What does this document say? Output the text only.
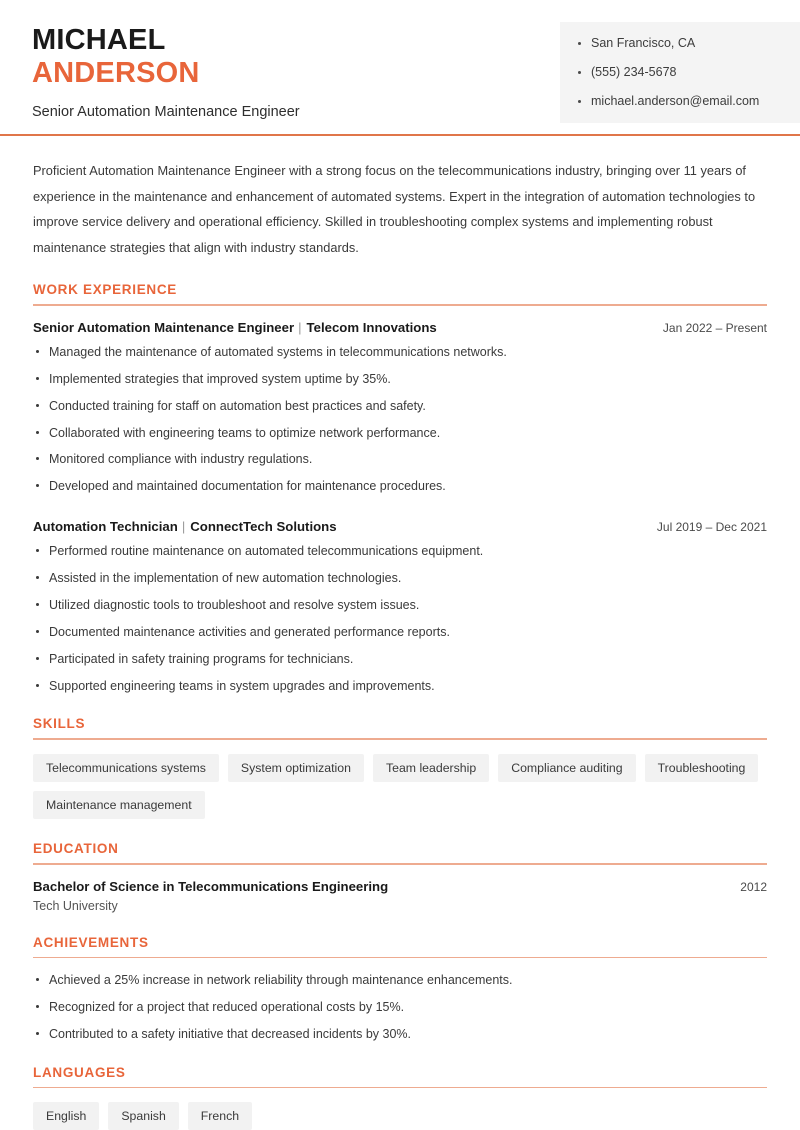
MICHAEL
ANDERSON
Senior Automation Maintenance Engineer
San Francisco, CA
(555) 234-5678
michael.anderson@email.com

Proficient Automation Maintenance Engineer with a strong focus on the telecommunications industry, bringing over 11 years of experience in the maintenance and enhancement of automated systems. Expert in the integration of automation technologies to improve service delivery and operational efficiency. Skilled in troubleshooting complex systems and implementing robust maintenance strategies that align with industry standards.

WORK EXPERIENCE
Senior Automation Maintenance Engineer | Telecom Innovations	Jan 2022 – Present
Managed the maintenance of automated systems in telecommunications networks.
Implemented strategies that improved system uptime by 35%.
Conducted training for staff on automation best practices and safety.
Collaborated with engineering teams to optimize network performance.
Monitored compliance with industry regulations.
Developed and maintained documentation for maintenance procedures.
Automation Technician | ConnectTech Solutions	Jul 2019 – Dec 2021
Performed routine maintenance on automated telecommunications equipment.
Assisted in the implementation of new automation technologies.
Utilized diagnostic tools to troubleshoot and resolve system issues.
Documented maintenance activities and generated performance reports.
Participated in safety training programs for technicians.
Supported engineering teams in system upgrades and improvements.
SKILLS
Telecommunications systems	System optimization	Team leadership	Compliance auditing	Troubleshooting
Maintenance management
EDUCATION
Bachelor of Science in Telecommunications Engineering	2012
Tech University
ACHIEVEMENTS
Achieved a 25% increase in network reliability through maintenance enhancements.
Recognized for a project that reduced operational costs by 15%.
Contributed to a safety initiative that decreased incidents by 30%.
LANGUAGES
English	Spanish	French
